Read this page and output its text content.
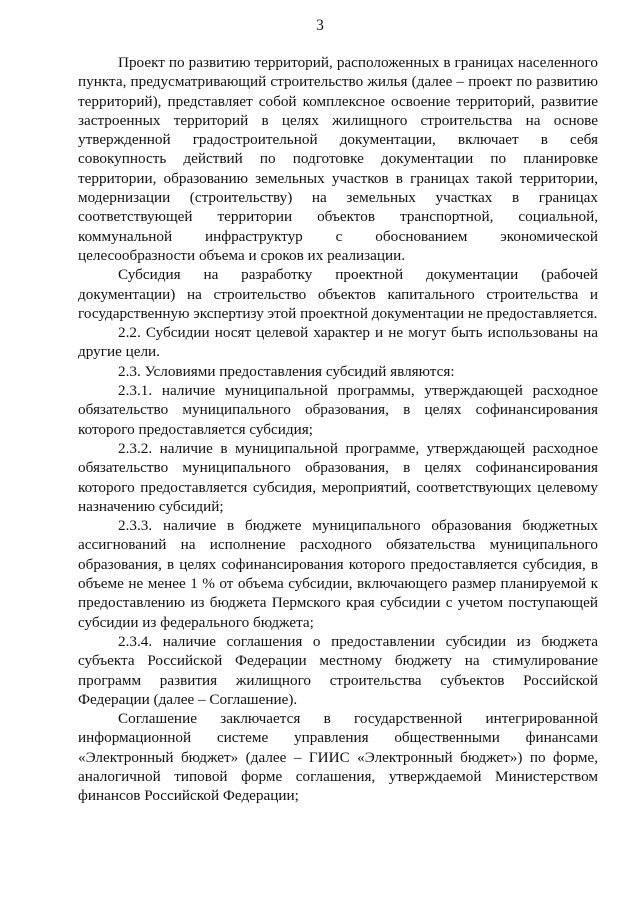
3

Проект по развитию территорий, расположенных в границах населенного пункта, предусматривающий строительство жилья (далее – проект по развитию территорий), представляет собой комплексное освоение территорий, развитие застроенных территорий в целях жилищного строительства на основе утвержденной градостроительной документации, включает в себя совокупность действий по подготовке документации по планировке территории, образованию земельных участков в границах такой территории, модернизации (строительству) на земельных участках в границах соответствующей территории объектов транспортной, социальной, коммунальной инфраструктур с обоснованием экономической целесообразности объема и сроков их реализации.

Субсидия на разработку проектной документации (рабочей документации) на строительство объектов капитального строительства и государственную экспертизу этой проектной документации не предоставляется.

2.2. Субсидии носят целевой характер и не могут быть использованы на другие цели.

2.3. Условиями предоставления субсидий являются:

2.3.1. наличие муниципальной программы, утверждающей расходное обязательство муниципального образования, в целях софинансирования которого предоставляется субсидия;

2.3.2. наличие в муниципальной программе, утверждающей расходное обязательство муниципального образования, в целях софинансирования которого предоставляется субсидия, мероприятий, соответствующих целевому назначению субсидий;

2.3.3. наличие в бюджете муниципального образования бюджетных ассигнований на исполнение расходного обязательства муниципального образования, в целях софинансирования которого предоставляется субсидия, в объеме не менее 1 % от объема субсидии, включающего размер планируемой к предоставлению из бюджета Пермского края субсидии с учетом поступающей субсидии из федерального бюджета;

2.3.4. наличие соглашения о предоставлении субсидии из бюджета субъекта Российской Федерации местному бюджету на стимулирование программ развития жилищного строительства субъектов Российской Федерации (далее – Соглашение).

Соглашение заключается в государственной интегрированной информационной системе управления общественными финансами «Электронный бюджет» (далее – ГИИС «Электронный бюджет») по форме, аналогичной типовой форме соглашения, утверждаемой Министерством финансов Российской Федерации;
